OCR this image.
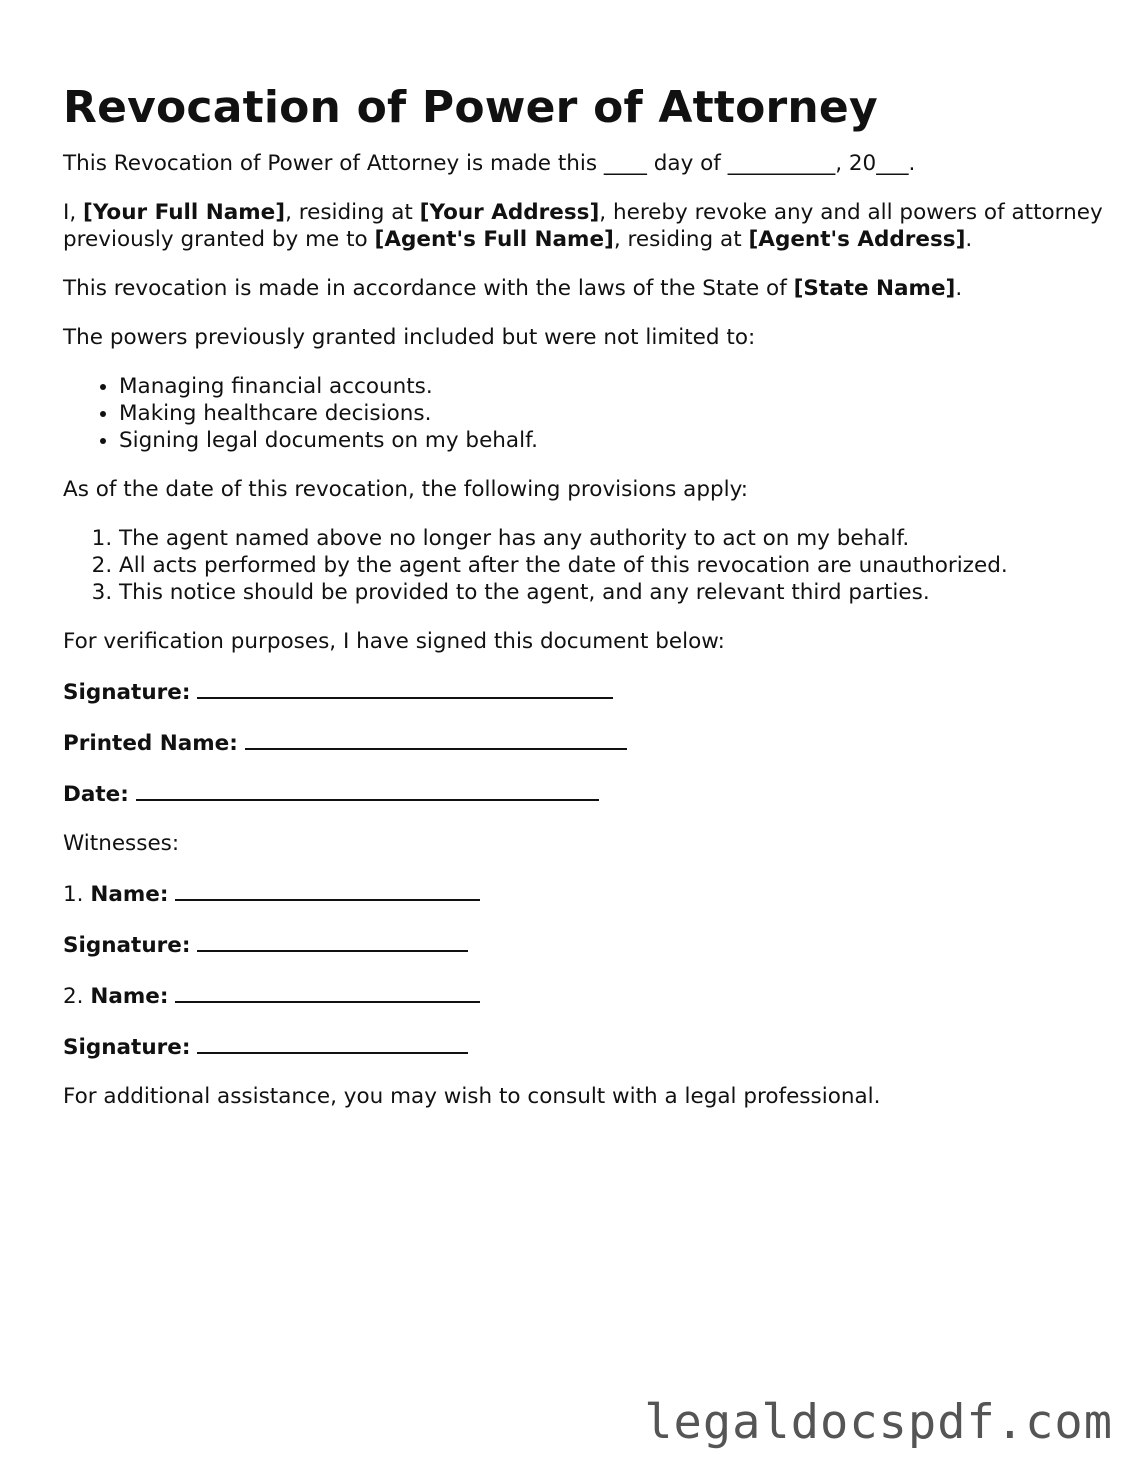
Revocation of Power of Attorney

This Revocation of Power of Attorney is made this ____ day of __________, 20___.

I, [Your Full Name], residing at [Your Address], hereby revoke any and all powers of attorney previously granted by me to [Agent's Full Name], residing at [Agent's Address].

This revocation is made in accordance with the laws of the State of [State Name].

The powers previously granted included but were not limited to:

• Managing financial accounts.
• Making healthcare decisions.
• Signing legal documents on my behalf.

As of the date of this revocation, the following provisions apply:

1. The agent named above no longer has any authority to act on my behalf.
2. All acts performed by the agent after the date of this revocation are unauthorized.
3. This notice should be provided to the agent, and any relevant third parties.

For verification purposes, I have signed this document below:

Signature:

Printed Name:

Date:

Witnesses:

1. Name:

Signature:

2. Name:

Signature:

For additional assistance, you may wish to consult with a legal professional.

legaldocspdf.com
